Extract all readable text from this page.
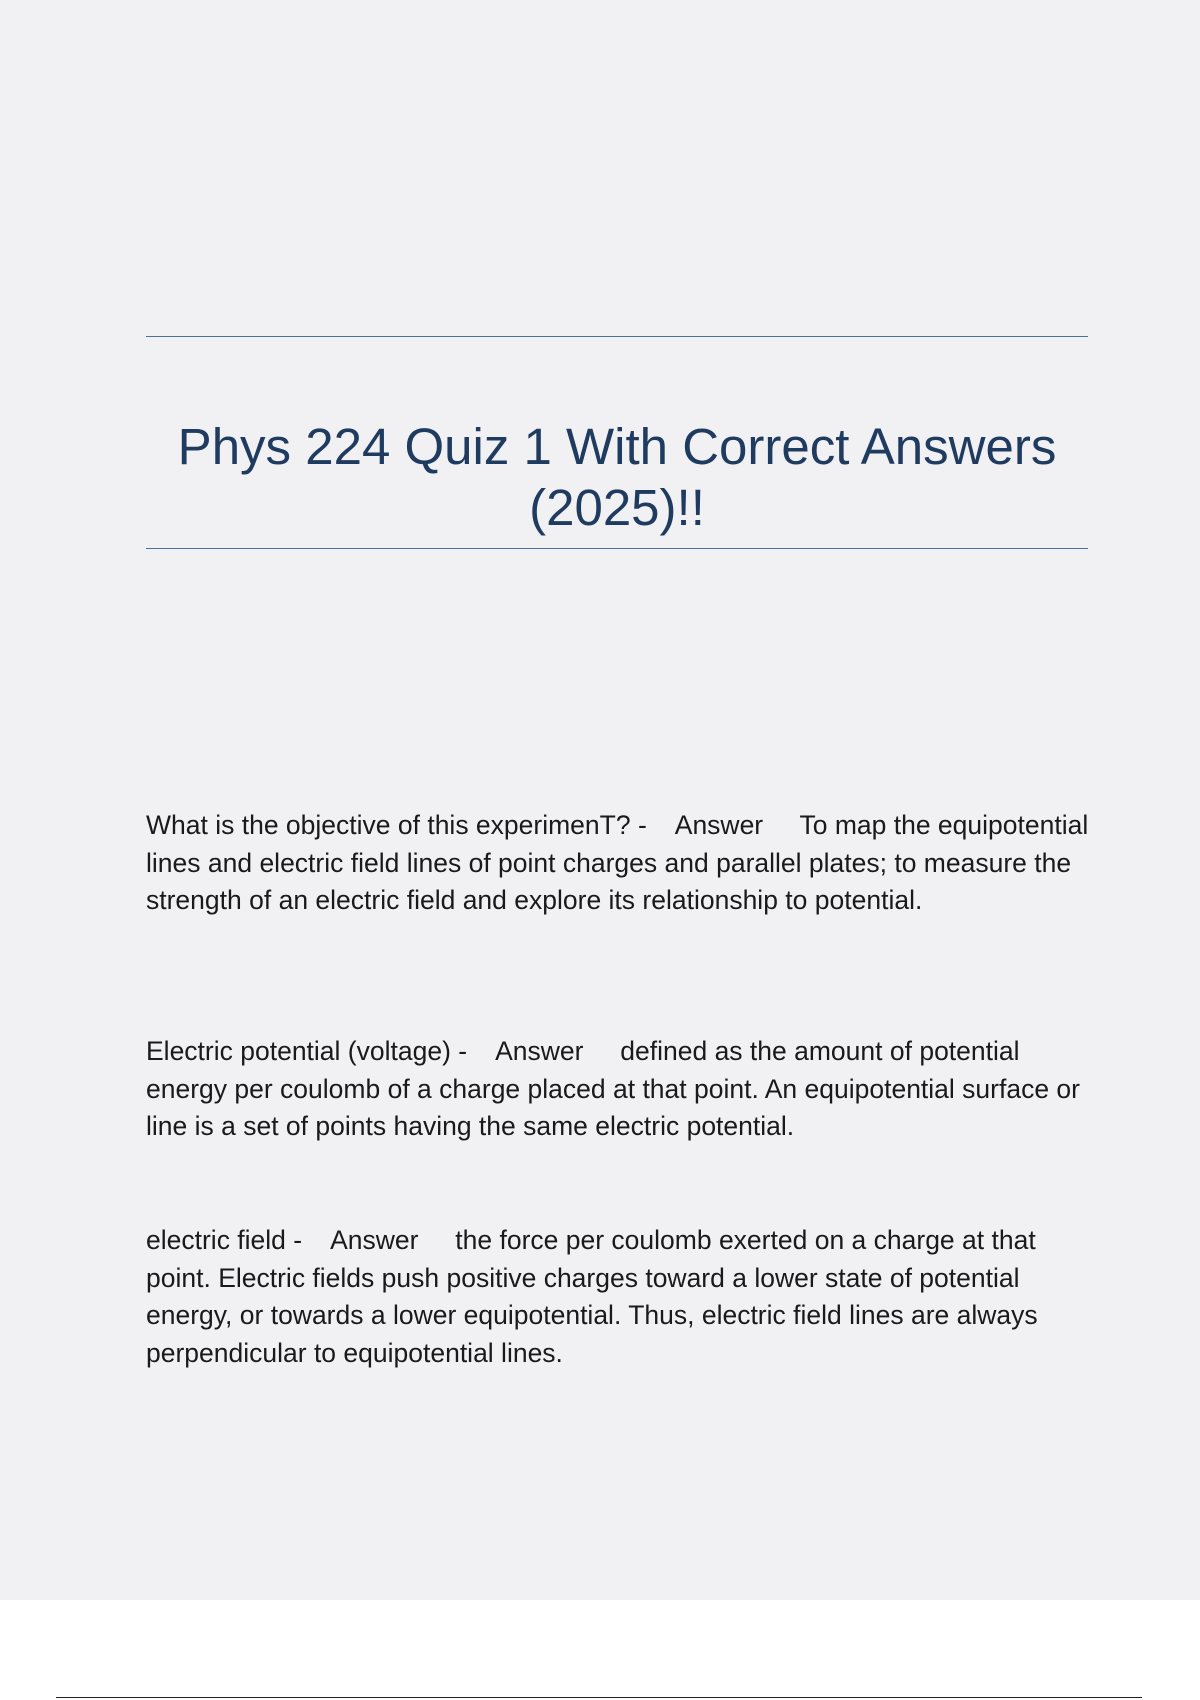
Phys 224 Quiz 1 With Correct Answers (2025)!!

What is the objective of this experimenT? -    Answer     To map the equipotential lines and electric field lines of point charges and parallel plates; to measure the strength of an electric field and explore its relationship to potential.

Electric potential (voltage) -    Answer     defined as the amount of potential energy per coulomb of a charge placed at that point. An equipotential surface or line is a set of points having the same electric potential.

electric field -    Answer     the force per coulomb exerted on a charge at that point. Electric fields push positive charges toward a lower state of potential energy, or towards a lower equipotential. Thus, electric field lines are always perpendicular to equipotential lines.
